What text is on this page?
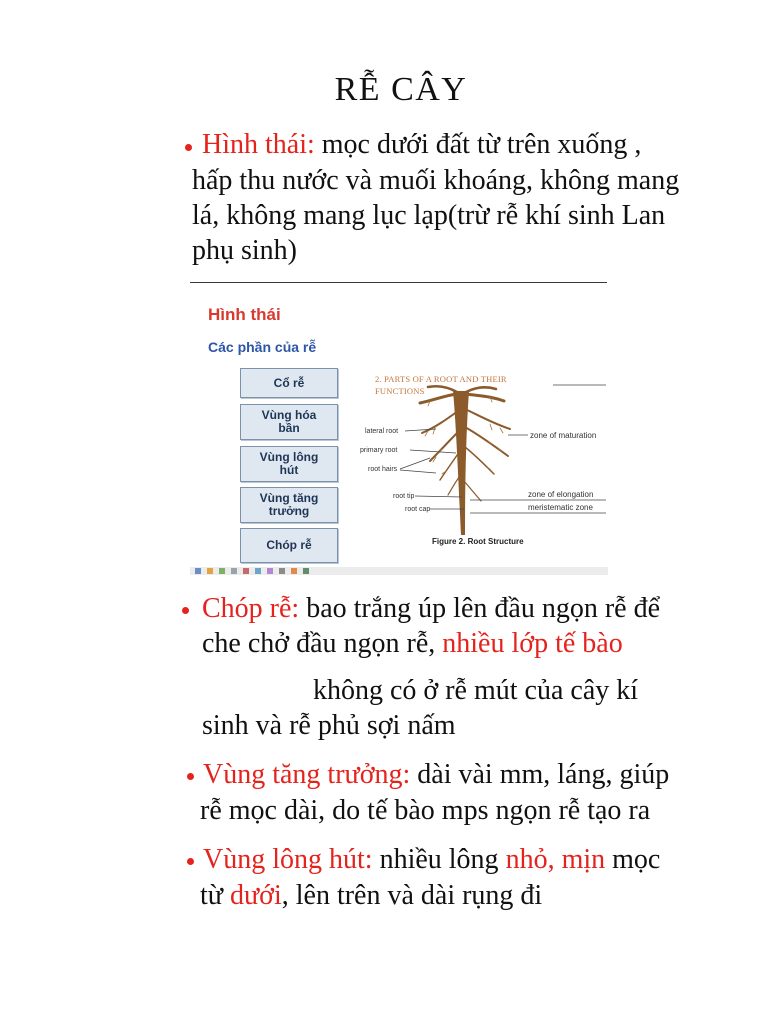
RỄ CÂY
Hình thái: mọc dưới đất từ trên xuống ,
hấp thu nước và muối khoáng, không mang
lá, không mang lục lạp(trừ rễ khí sinh Lan
phụ sinh)
2. PARTS OF A ROOT AND THEIR
FUNCTIONS
lateral root
primary root
root hairs
root tip
root cap
zone of maturation
zone of elongation
meristematic zone
Figure 2. Root Structure
Hình thái
Các phần của rễ
Cổ rễ
Vùng hóa
bần
Vùng lông
hút
Vùng tăng
trưởng
Chóp rễ
Chóp rễ: bao trắng úp lên đầu ngọn rễ để
che chở đầu ngọn rễ, nhiều lớp tế bào
không có ở rễ mút của cây kí
sinh và rễ phủ sợi nấm
Vùng tăng trưởng: dài vài mm, láng, giúp
rễ mọc dài, do tế bào mps ngọn rễ tạo ra
Vùng lông hút: nhiều lông nhỏ, mịn mọc
từ dưới, lên trên và dài rụng đi
